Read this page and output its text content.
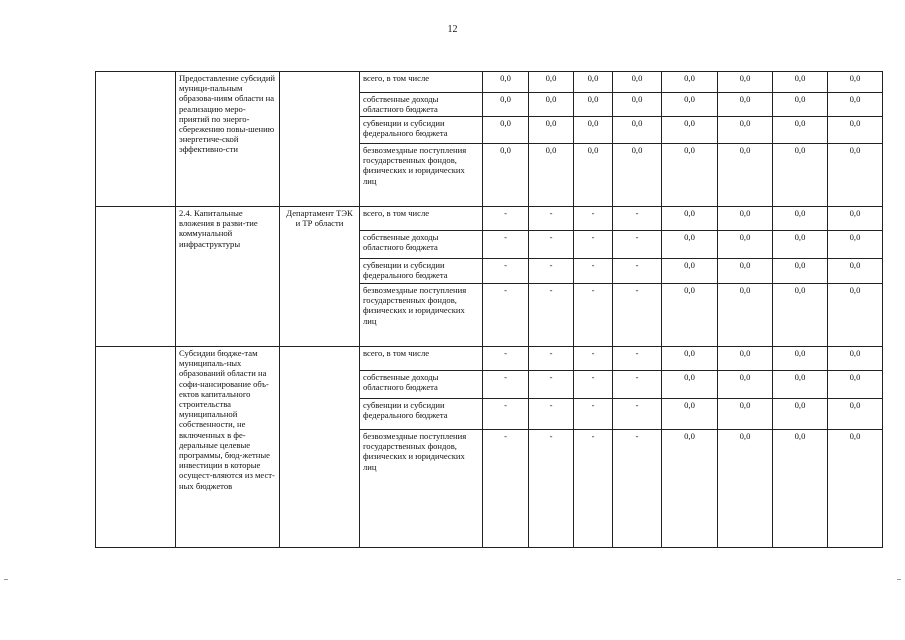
12
	Предоставление субсидий муници-пальным образова-ниям области на реализацию меро-приятий по энерго-сбережению повы-шению энергетиче-ской эффективно-сти		всего, в том числе	0,0	0,0	0,0	0,0	0,0	0,0	0,0	0,0
			собственные доходы областного бюджета	0,0	0,0	0,0	0,0	0,0	0,0	0,0	0,0
			субвенции и субсидии федерального бюджета	0,0	0,0	0,0	0,0	0,0	0,0	0,0	0,0
			безвозмездные поступления государственных фондов, физических и юридических лиц	0,0	0,0	0,0	0,0	0,0	0,0	0,0	0,0
	2.4. Капитальные вложения в разви-тие коммунальной инфраструктуры	Департамент ТЭК и ТР области	всего, в том числе	-	-	-	-	0,0	0,0	0,0	0,0
			собственные доходы областного бюджета	-	-	-	-	0,0	0,0	0,0	0,0
			субвенции и субсидии федерального бюджета	-	-	-	-	0,0	0,0	0,0	0,0
			безвозмездные поступления государственных фондов, физических и юридических лиц	-	-	-	-	0,0	0,0	0,0	0,0
	Субсидии бюдже-там муниципаль-ных образований области на софи-нансирование объ-ектов капитального строительства муниципальной собственности, не включенных в фе-деральные целевые программы, бюд-жетные инвестиции в которые осущест-вляются из мест-ных бюджетов		всего, в том числе	-	-	-	-	0,0	0,0	0,0	0,0
			собственные доходы областного бюджета	-	-	-	-	0,0	0,0	0,0	0,0
			субвенции и субсидии федерального бюджета	-	-	-	-	0,0	0,0	0,0	0,0
			безвозмездные поступления государственных фондов, физических и юридических лиц	-	-	-	-	0,0	0,0	0,0	0,0
